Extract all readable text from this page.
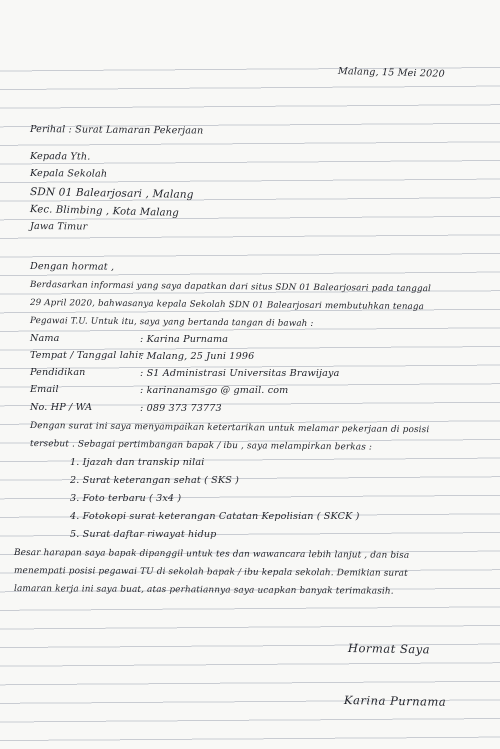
Malang, 15 Mei 2020
Perihal : Surat Lamaran Pekerjaan
Kepada Yth.
Kepala Sekolah
SDN 01 Balearjosari , Malang
Kec. Blimbing , Kota Malang
Jawa Timur
Dengan hormat ,
Berdasarkan informasi yang saya dapatkan dari situs SDN 01 Balearjosari pada tanggal
29 April 2020, bahwasanya kepala Sekolah SDN 01 Balearjosari membutuhkan tenaga
Pegawai T.U. Untuk itu, saya yang bertanda tangan di bawah :
Nama	: Karina Purnama
Tempat / Tanggal lahir
: Malang, 25 Juni 1996
Pendidikan	: S1 Administrasi Universitas Brawijaya
Email	: karinanamsgo @ gmail. com
No. HP / WA	: 089 373 73773
Dengan surat ini saya menyampaikan ketertarikan untuk melamar pekerjaan di posisi
tersebut . Sebagai pertimbangan bapak / ibu , saya melampirkan berkas :
1. Ijazah dan transkip nilai
2. Surat keterangan sehat ( SKS )
3. Foto terbaru ( 3x4 )
4. Fotokopi surat keterangan Catatan Kepolisian ( SKCK )
5. Surat daftar riwayat hidup
Besar harapan saya bapak dipanggil untuk tes dan wawancara lebih lanjut , dan bisa
menempati posisi pegawai TU di sekolah bapak / ibu kepala sekolah. Demikian surat
lamaran kerja ini saya buat, atas perhatiannya saya ucapkan banyak terimakasih.
Hormat Saya
Karina Purnama
